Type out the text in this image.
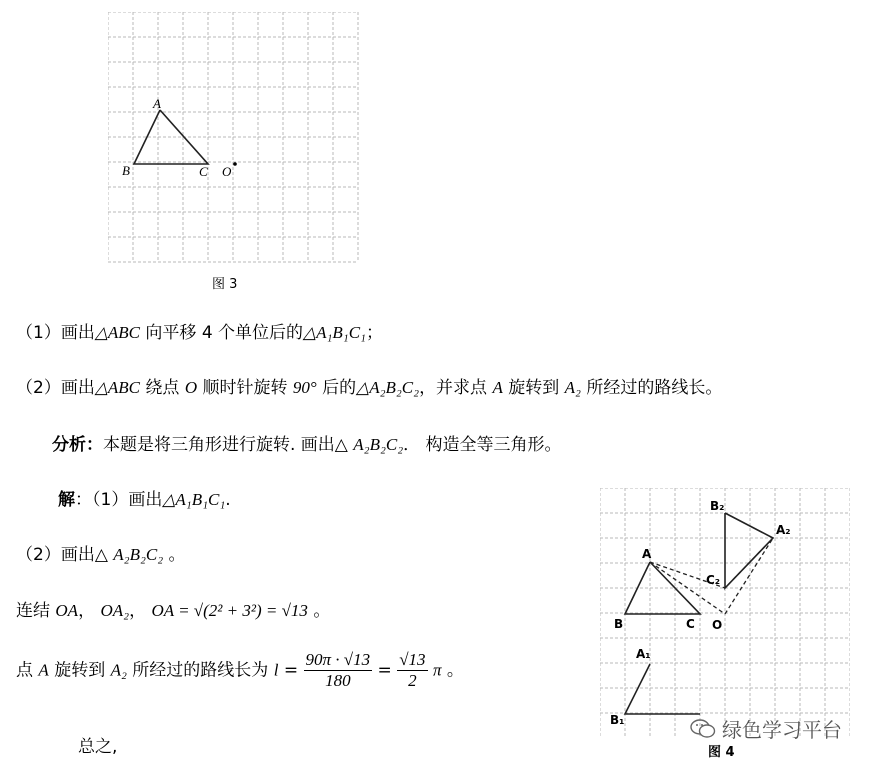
A
B	C O
图 3
（1）画出△ABC 向平移 4 个单位后的△A₁B₁C₁；
（2）画出△ABC 绕点 O 顺时针旋转 90° 后的△A₂B₂C₂，并求点 A 旋转到 A₂ 所经过的路线长。
分析：本题是将三角形进行旋转. 画出△ A₂B₂C₂． 构造全等三角形。
解：（1）画出△A₁B₁C₁.
（2）画出△ A₂B₂C₂ 。
连结 OA， OA₂， OA = √(2² + 3²) = √13 。
点 A 旋转到 A₂ 所经过的路线长为 $l = \frac{90\pi \cdot √13}{180} = \frac{√13}{2}$ π 。
总之,
A
B	C O
A₁
B₁
A₂
B₂
C₂
图 4
绿色学习平台
